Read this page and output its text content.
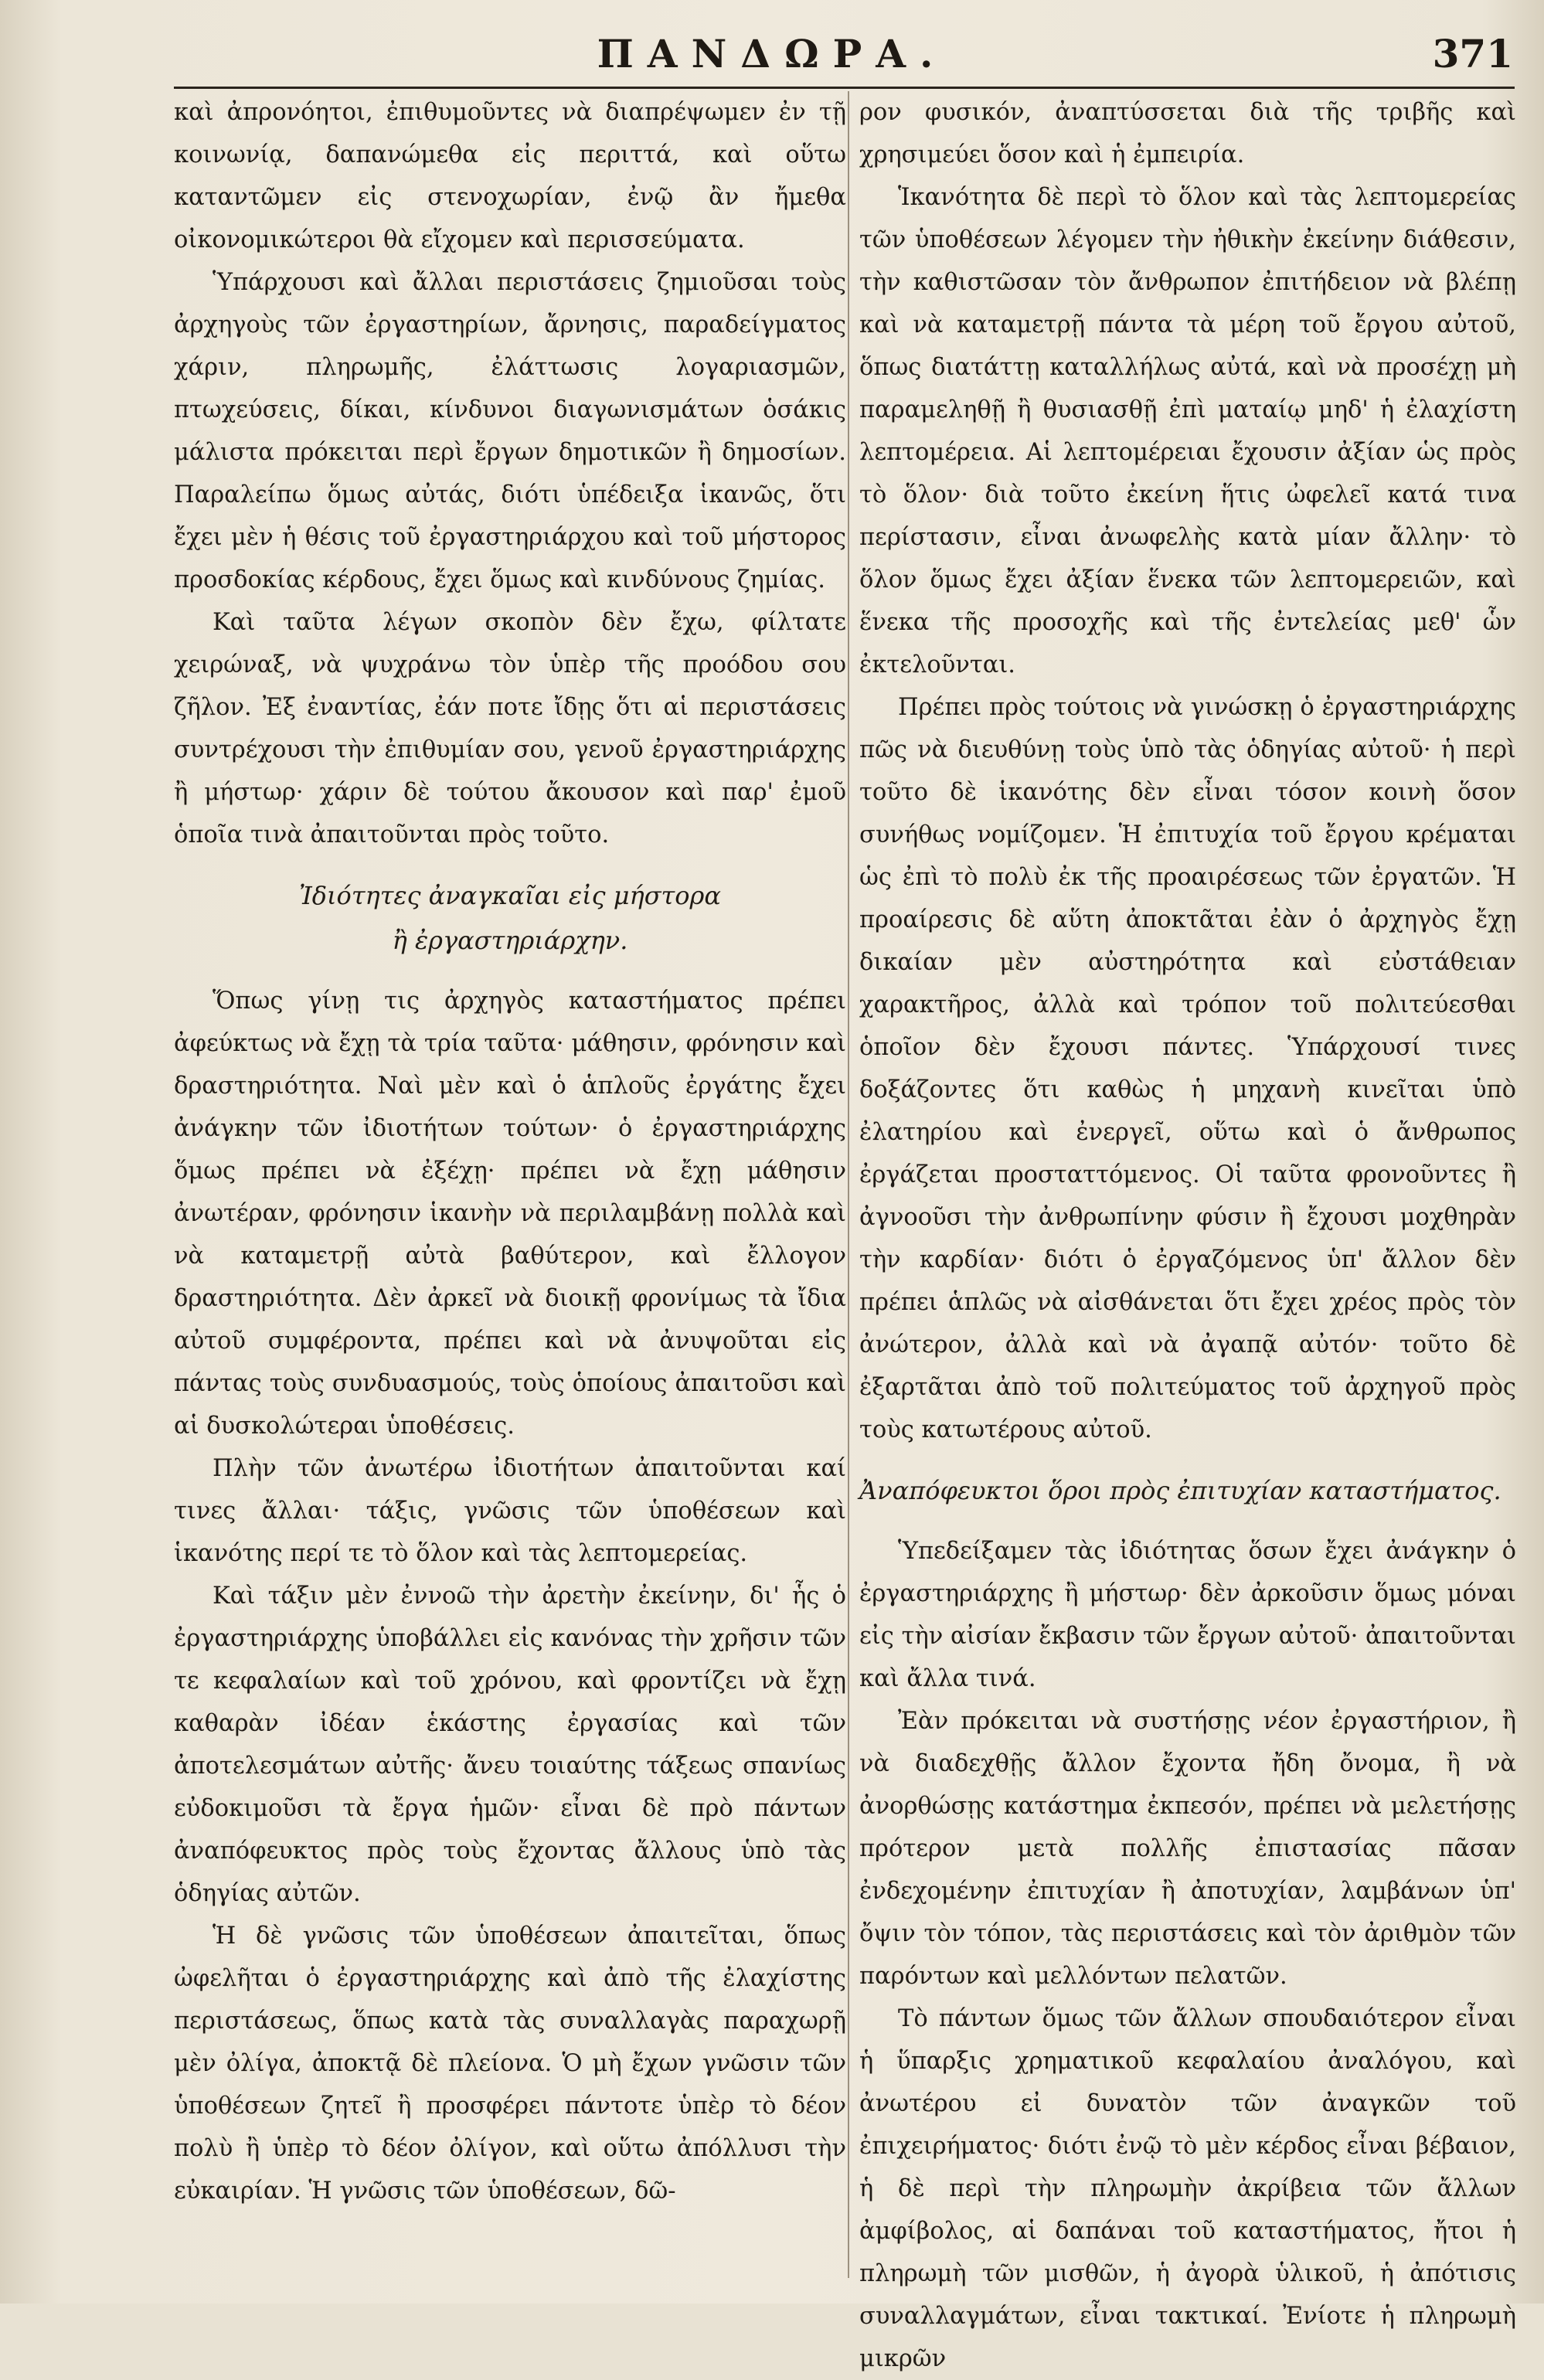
ΠΑΝΔΩΡΑ.	371

καὶ ἀπρονόητοι, ἐπιθυμοῦντες νὰ διαπρέψωμεν ἐν τῇ κοινωνίᾳ, δαπανώμεθα εἰς περιττά, καὶ οὕτω καταντῶμεν εἰς στενοχωρίαν, ἐνῷ ἂν ἤμεθα οἰκονομικώτεροι θὰ εἴχομεν καὶ περισσεύματα.

Ὑπάρχουσι καὶ ἄλλαι περιστάσεις ζημιοῦσαι τοὺς ἀρχηγοὺς τῶν ἐργαστηρίων, ἄρνησις, παραδείγματος χάριν, πληρωμῆς, ἐλάττωσις λογαριασμῶν, πτωχεύσεις, δίκαι, κίνδυνοι διαγωνισμάτων ὁσάκις μάλιστα πρόκειται περὶ ἔργων δημοτικῶν ἢ δημοσίων. Παραλείπω ὅμως αὐτάς, διότι ὑπέδειξα ἱκανῶς, ὅτι ἔχει μὲν ἡ θέσις τοῦ ἐργαστηριάρχου καὶ τοῦ μήστορος προσδοκίας κέρδους, ἔχει ὅμως καὶ κινδύνους ζημίας.

Καὶ ταῦτα λέγων σκοπὸν δὲν ἔχω, φίλτατε χειρώναξ, νὰ ψυχράνω τὸν ὑπὲρ τῆς προόδου σου ζῆλον. Ἐξ ἐναντίας, ἐάν ποτε ἴδῃς ὅτι αἱ περιστάσεις συντρέχουσι τὴν ἐπιθυμίαν σου, γενοῦ ἐργαστηριάρχης ἢ μήστωρ· χάριν δὲ τούτου ἄκουσον καὶ παρ' ἐμοῦ ὁποῖα τινὰ ἀπαιτοῦνται πρὸς τοῦτο.

Ἰδιότητες ἀναγκαῖαι εἰς μήστορα
ἢ ἐργαστηριάρχην.

Ὅπως γίνῃ τις ἀρχηγὸς καταστήματος πρέπει ἀφεύκτως νὰ ἔχῃ τὰ τρία ταῦτα· μάθησιν, φρόνησιν καὶ δραστηριότητα. Ναὶ μὲν καὶ ὁ ἁπλοῦς ἐργάτης ἔχει ἀνάγκην τῶν ἰδιοτήτων τούτων· ὁ ἐργαστηριάρχης ὅμως πρέπει νὰ ἐξέχῃ· πρέπει νὰ ἔχῃ μάθησιν ἀνωτέραν, φρόνησιν ἱκανὴν νὰ περιλαμβάνῃ πολλὰ καὶ νὰ καταμετρῇ αὐτὰ βαθύτερον, καὶ ἔλλογον δραστηριότητα. Δὲν ἀρκεῖ νὰ διοικῇ φρονίμως τὰ ἴδια αὐτοῦ συμφέροντα, πρέπει καὶ νὰ ἀνυψοῦται εἰς πάντας τοὺς συνδυασμούς, τοὺς ὁποίους ἀπαιτοῦσι καὶ αἱ δυσκολώτεραι ὑποθέσεις.

Πλὴν τῶν ἀνωτέρω ἰδιοτήτων ἀπαιτοῦνται καί τινες ἄλλαι· τάξις, γνῶσις τῶν ὑποθέσεων καὶ ἱκανότης περί τε τὸ ὅλον καὶ τὰς λεπτομερείας.

Καὶ τάξιν μὲν ἐννοῶ τὴν ἀρετὴν ἐκείνην, δι' ἧς ὁ ἐργαστηριάρχης ὑποβάλλει εἰς κανόνας τὴν χρῆσιν τῶν τε κεφαλαίων καὶ τοῦ χρόνου, καὶ φροντίζει νὰ ἔχῃ καθαρὰν ἰδέαν ἑκάστης ἐργασίας καὶ τῶν ἀποτελεσμάτων αὐτῆς· ἄνευ τοιαύτης τάξεως σπανίως εὐδοκιμοῦσι τὰ ἔργα ἡμῶν· εἶναι δὲ πρὸ πάντων ἀναπόφευκτος πρὸς τοὺς ἔχοντας ἄλλους ὑπὸ τὰς ὁδηγίας αὐτῶν.

Ἡ δὲ γνῶσις τῶν ὑποθέσεων ἀπαιτεῖται, ὅπως ὠφελῆται ὁ ἐργαστηριάρχης καὶ ἀπὸ τῆς ἐλαχίστης περιστάσεως, ὅπως κατὰ τὰς συναλλαγὰς παραχωρῇ μὲν ὀλίγα, ἀποκτᾷ δὲ πλείονα. Ὁ μὴ ἔχων γνῶσιν τῶν ὑποθέσεων ζητεῖ ἢ προσφέρει πάντοτε ὑπὲρ τὸ δέον πολὺ ἢ ὑπὲρ τὸ δέον ὀλίγον, καὶ οὕτω ἀπόλλυσι τὴν εὐκαιρίαν. Ἡ γνῶσις τῶν ὑποθέσεων, δῶ-

ρον φυσικόν, ἀναπτύσσεται διὰ τῆς τριβῆς καὶ χρησιμεύει ὅσον καὶ ἡ ἐμπειρία.

Ἱκανότητα δὲ περὶ τὸ ὅλον καὶ τὰς λεπτομερείας τῶν ὑποθέσεων λέγομεν τὴν ἠθικὴν ἐκείνην διάθεσιν, τὴν καθιστῶσαν τὸν ἄνθρωπον ἐπιτήδειον νὰ βλέπῃ καὶ νὰ καταμετρῇ πάντα τὰ μέρη τοῦ ἔργου αὐτοῦ, ὅπως διατάττῃ καταλλήλως αὐτά, καὶ νὰ προσέχῃ μὴ παραμεληθῇ ἢ θυσιασθῇ ἐπὶ ματαίῳ μηδ' ἡ ἐλαχίστη λεπτομέρεια. Αἱ λεπτομέρειαι ἔχουσιν ἀξίαν ὡς πρὸς τὸ ὅλον· διὰ τοῦτο ἐκείνη ἥτις ὠφελεῖ κατά τινα περίστασιν, εἶναι ἀνωφελὴς κατὰ μίαν ἄλλην· τὸ ὅλον ὅμως ἔχει ἀξίαν ἕνεκα τῶν λεπτομερειῶν, καὶ ἕνεκα τῆς προσοχῆς καὶ τῆς ἐντελείας μεθ' ὧν ἐκτελοῦνται.

Πρέπει πρὸς τούτοις νὰ γινώσκῃ ὁ ἐργαστηριάρχης πῶς νὰ διευθύνῃ τοὺς ὑπὸ τὰς ὁδηγίας αὐτοῦ· ἡ περὶ τοῦτο δὲ ἱκανότης δὲν εἶναι τόσον κοινὴ ὅσον συνήθως νομίζομεν. Ἡ ἐπιτυχία τοῦ ἔργου κρέμαται ὡς ἐπὶ τὸ πολὺ ἐκ τῆς προαιρέσεως τῶν ἐργατῶν. Ἡ προαίρεσις δὲ αὕτη ἀποκτᾶται ἐὰν ὁ ἀρχηγὸς ἔχῃ δικαίαν μὲν αὐστηρότητα καὶ εὐστάθειαν χαρακτῆρος, ἀλλὰ καὶ τρόπον τοῦ πολιτεύεσθαι ὁποῖον δὲν ἔχουσι πάντες. Ὑπάρχουσί τινες δοξάζοντες ὅτι καθὼς ἡ μηχανὴ κινεῖται ὑπὸ ἐλατηρίου καὶ ἐνεργεῖ, οὕτω καὶ ὁ ἄνθρωπος ἐργάζεται προσταττόμενος. Οἱ ταῦτα φρονοῦντες ἢ ἀγνοοῦσι τὴν ἀνθρωπίνην φύσιν ἢ ἔχουσι μοχθηρὰν τὴν καρδίαν· διότι ὁ ἐργαζόμενος ὑπ' ἄλλον δὲν πρέπει ἁπλῶς νὰ αἰσθάνεται ὅτι ἔχει χρέος πρὸς τὸν ἀνώτερον, ἀλλὰ καὶ νὰ ἀγαπᾷ αὐτόν· τοῦτο δὲ ἐξαρτᾶται ἀπὸ τοῦ πολιτεύματος τοῦ ἀρχηγοῦ πρὸς τοὺς κατωτέρους αὐτοῦ.

Ἀναπόφευκτοι ὅροι πρὸς ἐπιτυχίαν καταστήματος.

Ὑπεδείξαμεν τὰς ἰδιότητας ὅσων ἔχει ἀνάγκην ὁ ἐργαστηριάρχης ἢ μήστωρ· δὲν ἀρκοῦσιν ὅμως μόναι εἰς τὴν αἰσίαν ἔκβασιν τῶν ἔργων αὐτοῦ· ἀπαιτοῦνται καὶ ἄλλα τινά.

Ἐὰν πρόκειται νὰ συστήσῃς νέον ἐργαστήριον, ἢ νὰ διαδεχθῇς ἄλλον ἔχοντα ἤδη ὄνομα, ἢ νὰ ἀνορθώσῃς κατάστημα ἐκπεσόν, πρέπει νὰ μελετήσῃς πρότερον μετὰ πολλῆς ἐπιστασίας πᾶσαν ἐνδεχομένην ἐπιτυχίαν ἢ ἀποτυχίαν, λαμβάνων ὑπ' ὄψιν τὸν τόπον, τὰς περιστάσεις καὶ τὸν ἀριθμὸν τῶν παρόντων καὶ μελλόντων πελατῶν.

Τὸ πάντων ὅμως τῶν ἄλλων σπουδαιότερον εἶναι ἡ ὕπαρξις χρηματικοῦ κεφαλαίου ἀναλόγου, καὶ ἀνωτέρου εἰ δυνατὸν τῶν ἀναγκῶν τοῦ ἐπιχειρήματος· διότι ἐνῷ τὸ μὲν κέρδος εἶναι βέβαιον, ἡ δὲ περὶ τὴν πληρωμὴν ἀκρίβεια τῶν ἄλλων ἀμφίβολος, αἱ δαπάναι τοῦ καταστήματος, ἤτοι ἡ πληρωμὴ τῶν μισθῶν, ἡ ἀγορὰ ὑλικοῦ, ἡ ἀπότισις συναλλαγμάτων, εἶναι τακτικαί. Ἐνίοτε ἡ πληρωμὴ μικρῶν
